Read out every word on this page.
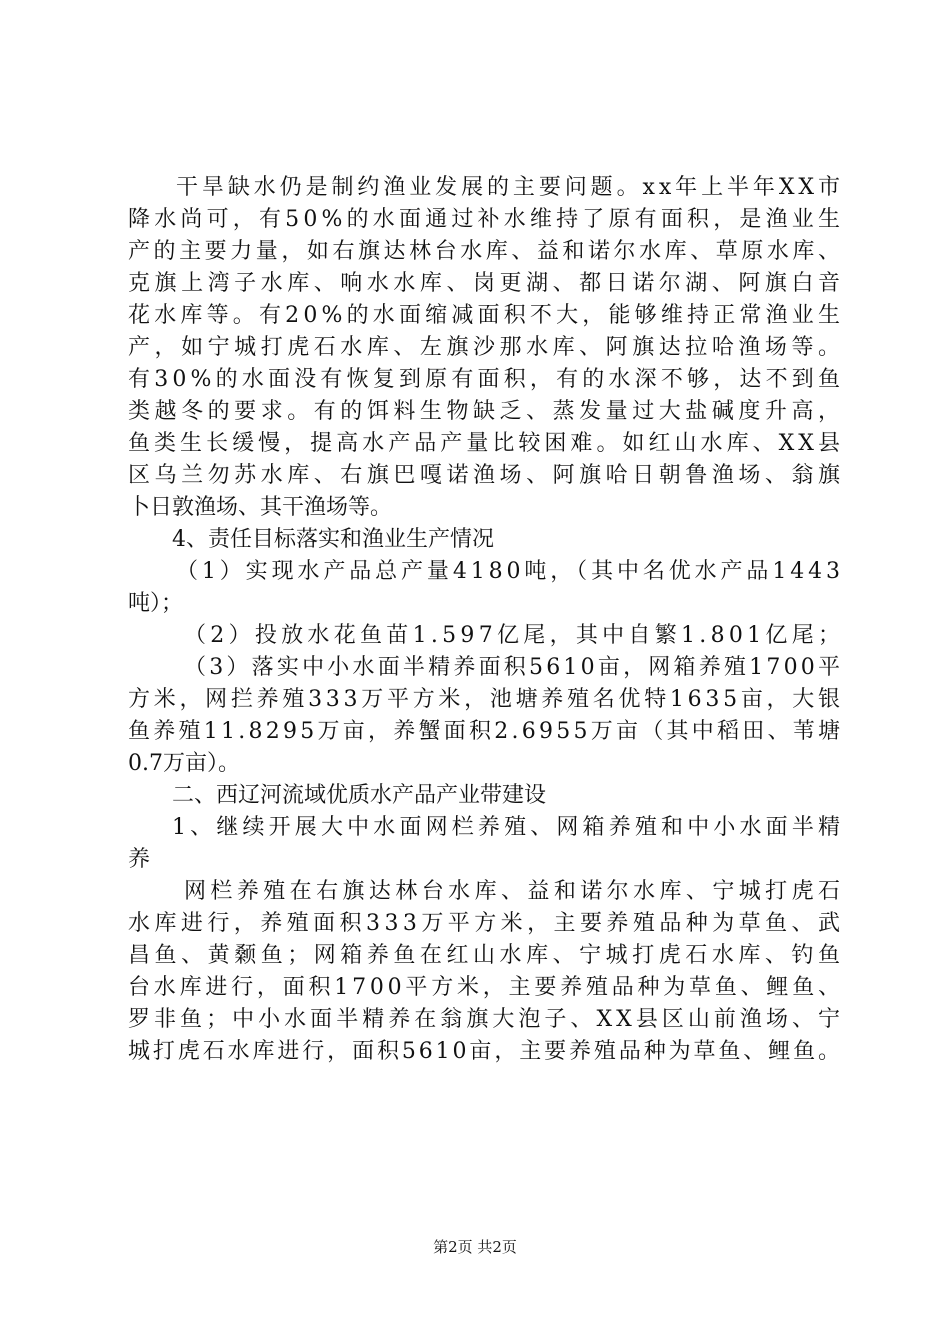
干旱缺水仍是制约渔业发展的主要问题。xx年上半年XX市
降水尚可，有50%的水面通过补水维持了原有面积，是渔业生
产的主要力量，如右旗达林台水库、益和诺尔水库、草原水库、
克旗上湾子水库、响水水库、岗更湖、都日诺尔湖、阿旗白音
花水库等。有20%的水面缩减面积不大，能够维持正常渔业生
产，如宁城打虎石水库、左旗沙那水库、阿旗达拉哈渔场等。
有30%的水面没有恢复到原有面积，有的水深不够，达不到鱼
类越冬的要求。有的饵料生物缺乏、蒸发量过大盐碱度升高，
鱼类生长缓慢，提高水产品产量比较困难。如红山水库、XX县
区乌兰勿苏水库、右旗巴嘎诺渔场、阿旗哈日朝鲁渔场、翁旗
卜日敦渔场、其干渔场等。
4、责任目标落实和渔业生产情况
（1）实现水产品总产量4180吨，（其中名优水产品1443
吨）；
（2）投放水花鱼苗1.597亿尾，其中自繁1.801亿尾；
（3）落实中小水面半精养面积5610亩，网箱养殖1700平
方米，网拦养殖333万平方米，池塘养殖名优特1635亩，大银
鱼养殖11.8295万亩，养蟹面积2.6955万亩（其中稻田、苇塘
0.7万亩）。
二、西辽河流域优质水产品产业带建设
1、继续开展大中水面网栏养殖、网箱养殖和中小水面半精
养
网栏养殖在右旗达林台水库、益和诺尔水库、宁城打虎石
水库进行，养殖面积333万平方米，主要养殖品种为草鱼、武
昌鱼、黄颡鱼；网箱养鱼在红山水库、宁城打虎石水库、钓鱼
台水库进行，面积1700平方米，主要养殖品种为草鱼、鲤鱼、
罗非鱼；中小水面半精养在翁旗大泡子、XX县区山前渔场、宁
城打虎石水库进行，面积5610亩，主要养殖品种为草鱼、鲤鱼。
第2页 共2页
